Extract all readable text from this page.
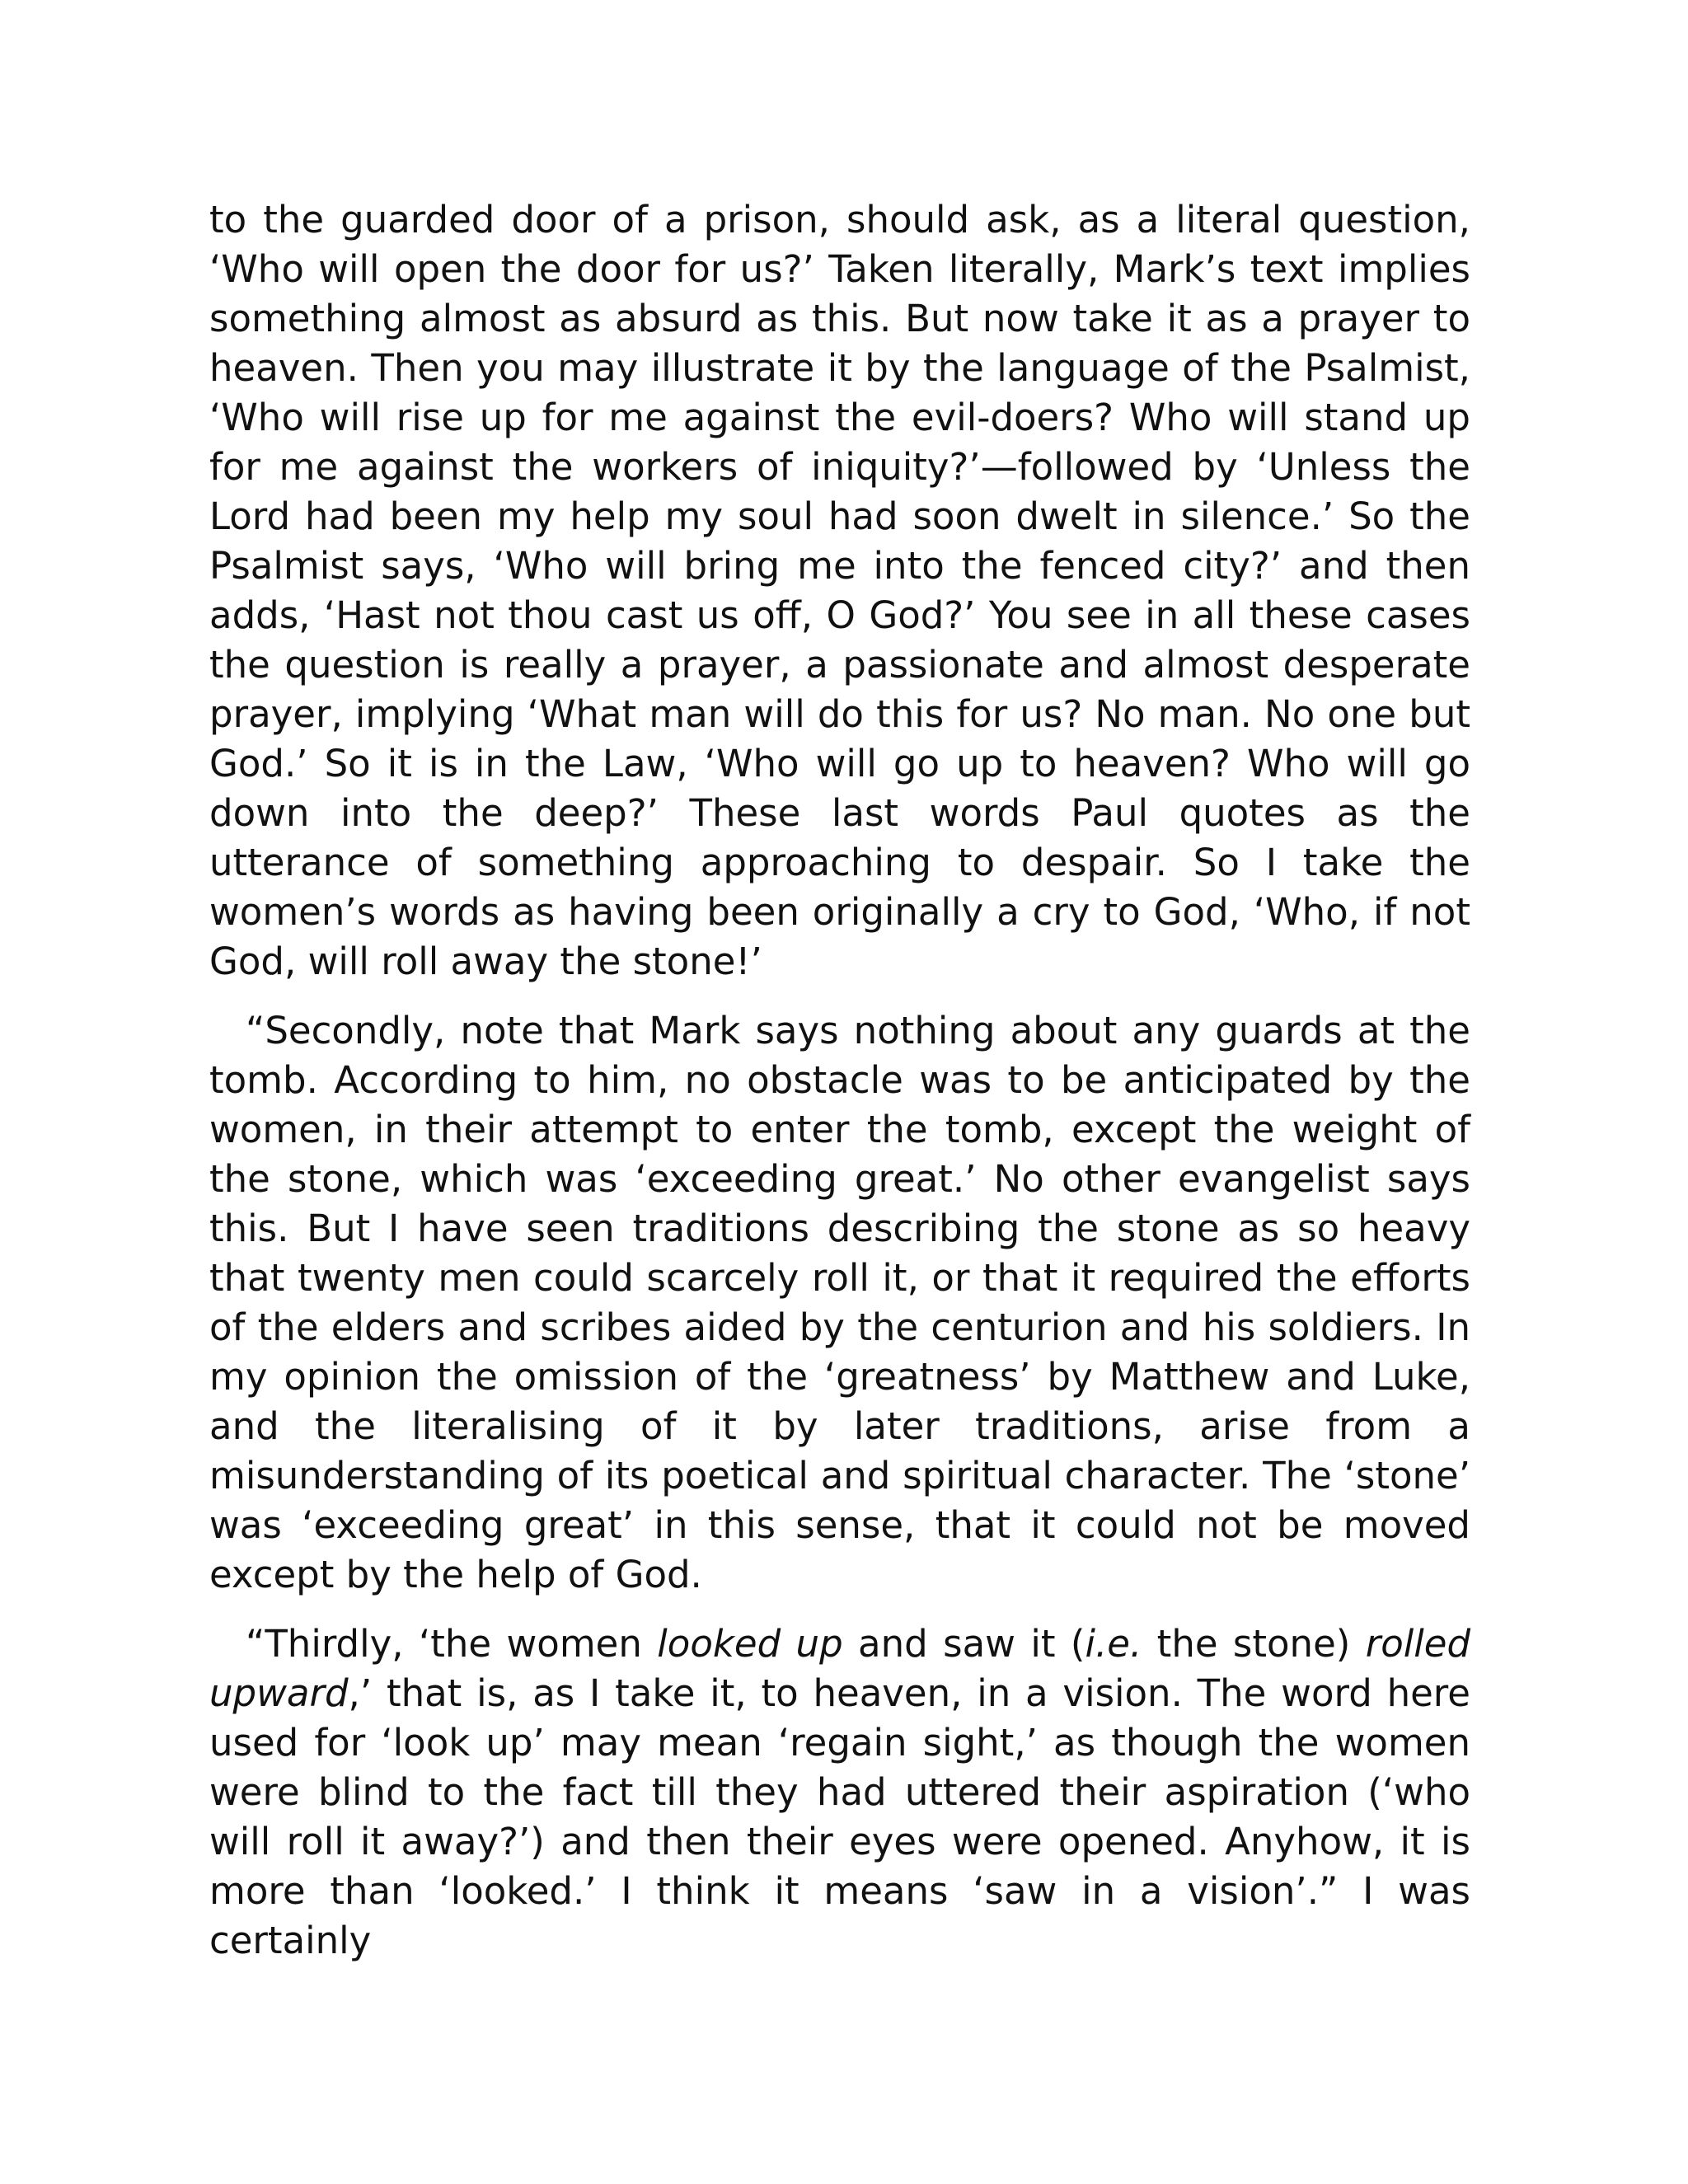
to the guarded door of a prison, should ask, as a literal question, ‘Who will open the door for us?’ Taken literally, Mark’s text implies something almost as absurd as this. But now take it as a prayer to heaven. Then you may illustrate it by the language of the Psalmist, ‘Who will rise up for me against the evil-doers? Who will stand up for me against the workers of iniquity?’—followed by ‘Unless the Lord had been my help my soul had soon dwelt in silence.’ So the Psalmist says, ‘Who will bring me into the fenced city?’ and then adds, ‘Hast not thou cast us off, O God?’ You see in all these cases the question is really a prayer, a passionate and almost desperate prayer, implying ‘What man will do this for us? No man. No one but God.’ So it is in the Law, ‘Who will go up to heaven? Who will go down into the deep?’ These last words Paul quotes as the utterance of something approaching to despair. So I take the women’s words as having been originally a cry to God, ‘Who, if not God, will roll away the stone!’

“Secondly, note that Mark says nothing about any guards at the tomb. According to him, no obstacle was to be anticipated by the women, in their attempt to enter the tomb, except the weight of the stone, which was ‘exceeding great.’ No other evangelist says this. But I have seen traditions describing the stone as so heavy that twenty men could scarcely roll it, or that it required the efforts of the elders and scribes aided by the centurion and his soldiers. In my opinion the omission of the ‘greatness’ by Matthew and Luke, and the literalising of it by later traditions, arise from a misunderstanding of its poetical and spiritual character. The ‘stone’ was ‘exceeding great’ in this sense, that it could not be moved except by the help of God.

“Thirdly, ‘the women looked up and saw it (i.e. the stone) rolled upward,’ that is, as I take it, to heaven, in a vision. The word here used for ‘look up’ may mean ‘regain sight,’ as though the women were blind to the fact till they had uttered their aspiration (‘who will roll it away?’) and then their eyes were opened. Anyhow, it is more than ‘looked.’ I think it means ‘saw in a vision’.” I was certainly
